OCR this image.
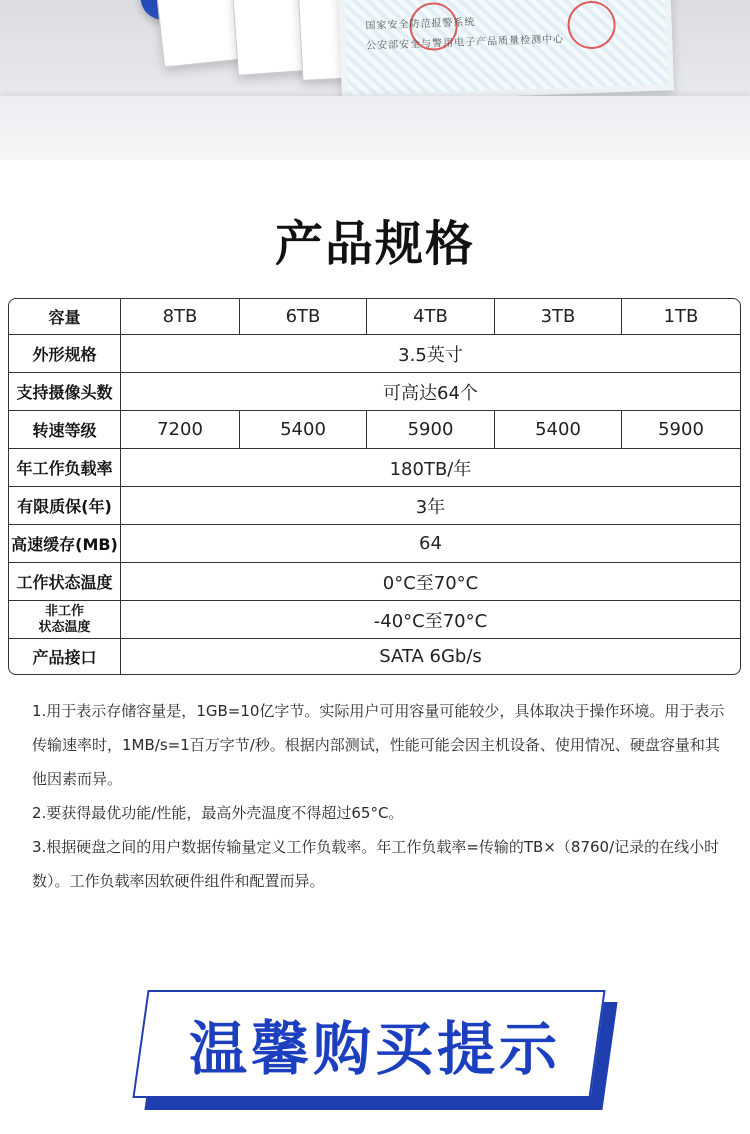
国家安全防范报警系统
公安部安全与警用电子产品质量检测中心
产品规格
容量	8TB	6TB	4TB	3TB	1TB
外形规格	3.5英寸
支持摄像头数	可高达64个
转速等级	7200	5400	5900	5400	5900
年工作负载率	180TB/年
有限质保(年)	3年
高速缓存(MB)	64
工作状态温度	0°C至70°C
非工作
状态温度	-40°C至70°C
产品接口	SATA 6Gb/s

1.用于表示存储容量是，1GB=10亿字节。实际用户可用容量可能较少，具体取决于操作环境。用于表示传输速率时，1MB/s=1百万字节/秒。根据内部测试，性能可能会因主机设备、使用情况、硬盘容量和其他因素而异。

2.要获得最优功能/性能，最高外壳温度不得超过65°C。

3.根据硬盘之间的用户数据传输量定义工作负载率。年工作负载率=传输的TB×（8760/记录的在线小时数）。工作负载率因软硬件组件和配置而异。

温馨购买提示
